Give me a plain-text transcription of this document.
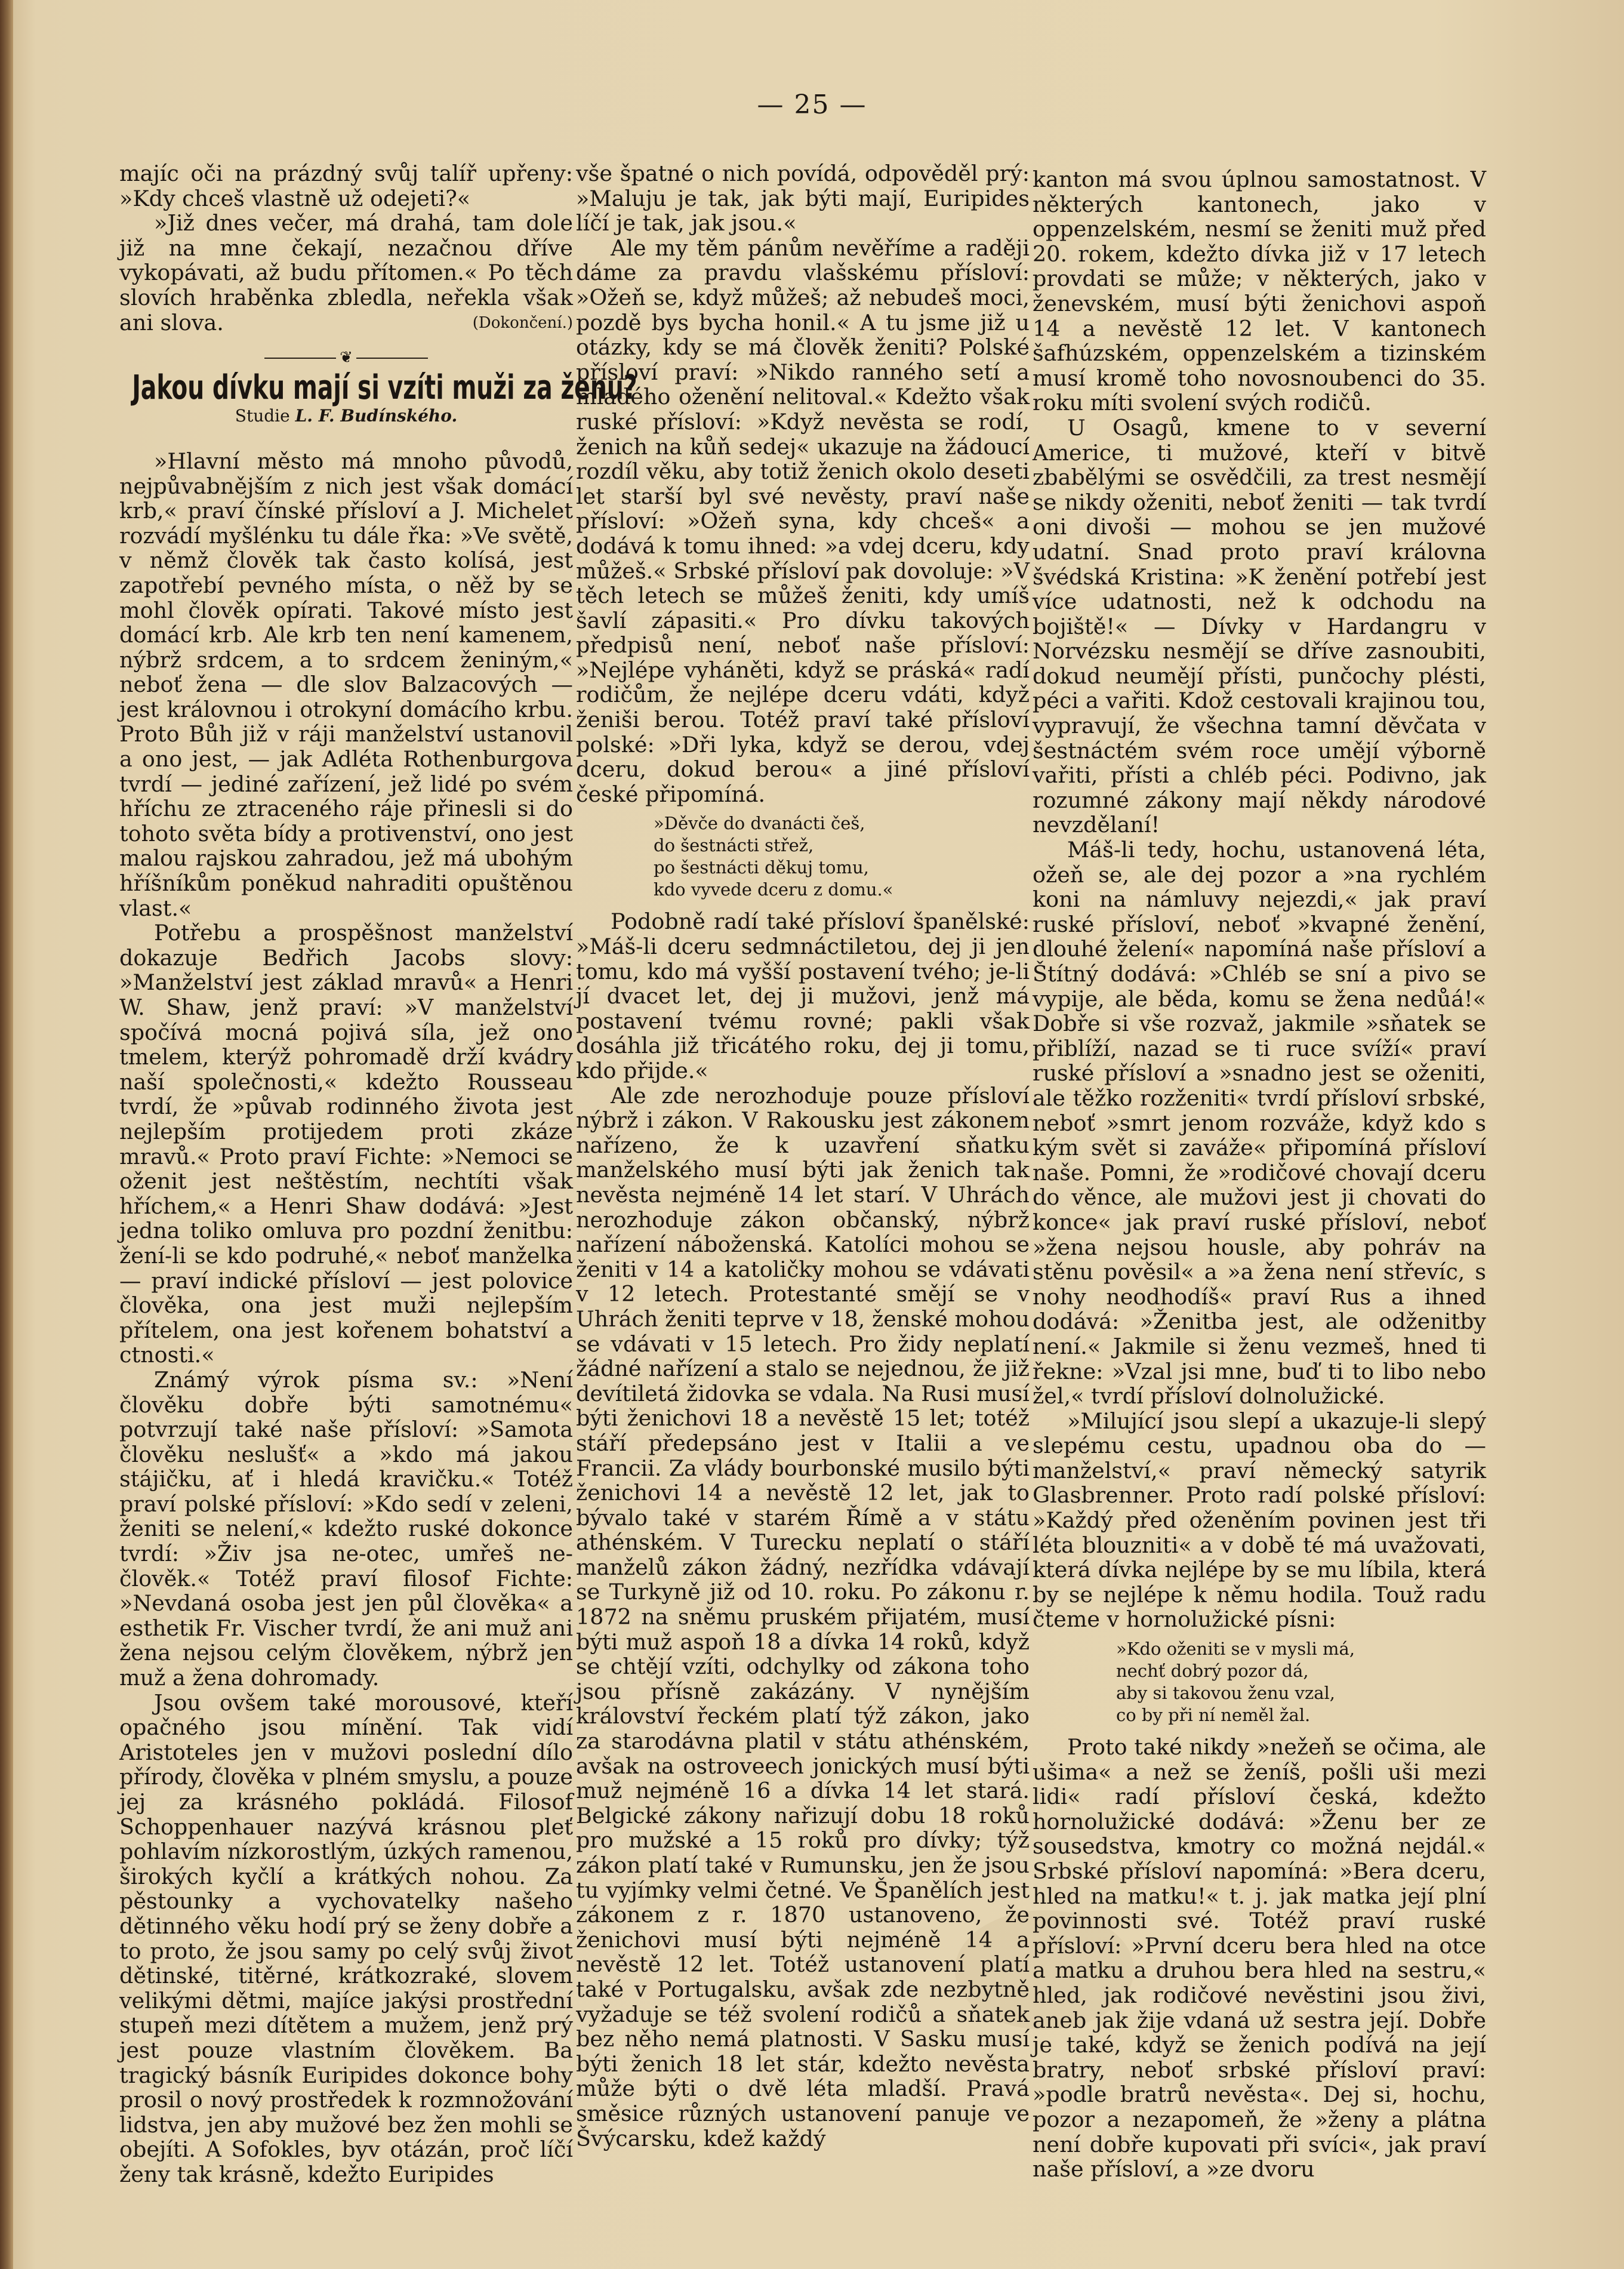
— 25 —

majíc oči na prázdný svůj talíř upřeny: »Kdy chceš vlastně už odejeti?«

»Již dnes večer, má drahá, tam dole již na mne čekají, nezačnou dříve vykopávati, až budu přítomen.« Po těch slovích hraběnka zbledla, neřekla však ani slova.	(Dokončení.)
❦
Jakou dívku mají si vzíti muži za ženu?
Studie L. F. Budínského.

»Hlavní město má mnoho původů, nejpůvabnějším z nich jest však domácí krb,« praví čínské přísloví a J. Michelet rozvádí myšlénku tu dále řka: »Ve světě, v němž člověk tak často kolísá, jest zapotřebí pevného místa, o něž by se mohl člověk opírati. Takové místo jest domácí krb. Ale krb ten není kamenem, nýbrž srdcem, a to srdcem ženiným,« neboť žena — dle slov Balzacových — jest královnou i otrokyní domácího krbu. Proto Bůh již v ráji manželství ustanovil a ono jest, — jak Adléta Rothenburgova tvrdí — jediné zařízení, jež lidé po svém hříchu ze ztraceného ráje přinesli si do tohoto světa bídy a protivenství, ono jest malou rajskou zahradou, jež má ubohým hříšníkům poněkud nahraditi opuštěnou vlast.«

Potřebu a prospěšnost manželství dokazuje Bedřich Jacobs slovy: »Manželství jest základ mravů« a Henri W. Shaw, jenž praví: »V manželství spočívá mocná pojivá síla, jež ono tmelem, kterýž pohromadě drží kvádry naší společnosti,« kdežto Rousseau tvrdí, že »půvab rodinného života jest nejlepším protijedem proti zkáze mravů.« Proto praví Fichte: »Nemoci se oženit jest neštěstím, nechtíti však hříchem,« a Henri Shaw dodává: »Jest jedna toliko omluva pro pozdní ženitbu: žení-li se kdo podruhé,« neboť manželka — praví indické přísloví — jest polovice člověka, ona jest muži nejlepším přítelem, ona jest kořenem bohatství a ctnosti.«

Známý výrok písma sv.: »Není člověku dobře býti samotnému« potvrzují také naše přísloví: »Samota člověku neslušť« a »kdo má jakou stájičku, ať i hledá kravičku.« Totéž praví polské přísloví: »Kdo sedí v zeleni, ženiti se nelení,« kdežto ruské dokonce tvrdí: »Živ jsa ne-otec, umřeš ne-člověk.« Totéž praví filosof Fichte: »Nevdaná osoba jest jen půl člověka« a esthetik Fr. Vischer tvrdí, že ani muž ani žena nejsou celým člověkem, nýbrž jen muž a žena dohromady.

Jsou ovšem také morousové, kteří opačného jsou mínění. Tak vidí Aristoteles jen v mužovi poslední dílo přírody, člověka v plném smyslu, a pouze jej za krásného pokládá. Filosof Schoppenhauer nazývá krásnou pleť pohlavím nízkorostlým, úzkých ramenou, širokých kyčlí a krátkých nohou. Za pěstounky a vychovatelky našeho dětinného věku hodí prý se ženy dobře a to proto, že jsou samy po celý svůj život dětinské, titěrné, krátkozraké, slovem velikými dětmi, majíce jakýsi prostřední stupeň mezi dítětem a mužem, jenž prý jest pouze vlastním člověkem. Ba tragický básník Euripides dokonce bohy prosil o nový prostředek k rozmnožování lidstva, jen aby mužové bez žen mohli se obejíti. A Sofokles, byv otázán, proč líčí ženy tak krásně, kdežto Euripides

vše špatné o nich povídá, odpověděl prý: »Maluju je tak, jak býti mají, Euripides líčí je tak, jak jsou.«

Ale my těm pánům nevěříme a raději dáme za pravdu vlašskému přísloví: »Ožeň se, když můžeš; až nebudeš moci, pozdě bys bycha honil.« A tu jsme již u otázky, kdy se má člověk ženiti? Polské přísloví praví: »Nikdo ranného setí a mladého oženění nelitoval.« Kdežto však ruské přísloví: »Když nevěsta se rodí, ženich na kůň sedej« ukazuje na žádoucí rozdíl věku, aby totiž ženich okolo deseti let starší byl své nevěsty, praví naše přísloví: »Ožeň syna, kdy chceš« a dodává k tomu ihned: »a vdej dceru, kdy můžeš.« Srbské přísloví pak dovoluje: »V těch letech se můžeš ženiti, kdy umíš šavlí zápasiti.« Pro dívku takových předpisů není, neboť naše přísloví: »Nejlépe vyháněti, když se práská« radí rodičům, že nejlépe dceru vdáti, když ženiši berou. Totéž praví také přísloví polské: »Dři lyka, když se derou, vdej dceru, dokud berou« a jiné přísloví české připomíná.

»Děvče do dvanácti češ,
do šestnácti střež,
po šestnácti děkuj tomu,
kdo vyvede dceru z domu.«

Podobně radí také přísloví španělské: »Máš-li dceru sedmnáctiletou, dej ji jen tomu, kdo má vyšší postavení tvého; je-li jí dvacet let, dej ji mužovi, jenž má postavení tvému rovné; pakli však dosáhla již třicátého roku, dej ji tomu, kdo přijde.«

Ale zde nerozhoduje pouze přísloví nýbrž i zákon. V Rakousku jest zákonem nařízeno, že k uzavření sňatku manželského musí býti jak ženich tak nevěsta nejméně 14 let starí. V Uhrách nerozhoduje zákon občanský, nýbrž nařízení náboženská. Katolíci mohou se ženiti v 14 a katoličky mohou se vdávati v 12 letech. Protestanté smějí se v Uhrách ženiti teprve v 18, ženské mohou se vdávati v 15 letech. Pro židy neplatí žádné nařízení a stalo se nejednou, že již devítiletá židovka se vdala. Na Rusi musí býti ženichovi 18 a nevěstě 15 let; totéž stáří předepsáno jest v Italii a ve Francii. Za vlády bourbonské musilo býti ženichovi 14 a nevěstě 12 let, jak to bývalo také v starém Římě a v státu athénském. V Turecku neplatí o stáří manželů zákon žádný, nezřídka vdávají se Turkyně již od 10. roku. Po zákonu r. 1872 na sněmu pruském přijatém, musí býti muž aspoň 18 a dívka 14 roků, když se chtějí vzíti, odchylky od zákona toho jsou přísně zakázány. V nynějším království řeckém platí týž zákon, jako za starodávna platil v státu athénském, avšak na ostroveech jonických musí býti muž nejméně 16 a dívka 14 let stará. Belgické zákony nařizují dobu 18 roků pro mužské a 15 roků pro dívky; týž zákon platí také v Rumunsku, jen že jsou tu vyjímky velmi četné. Ve Španělích jest zákonem z r. 1870 ustanoveno, že ženichovi musí býti nejméně 14 a nevěstě 12 let. Totéž ustanovení platí také v Portugalsku, avšak zde nezbytně vyžaduje se též svolení rodičů a sňatek bez něho nemá platnosti. V Sasku musí býti ženich 18 let stár, kdežto nevěsta může býti o dvě léta mladší. Pravá směsice různých ustanovení panuje ve Švýcarsku, kdež každý

kanton má svou úplnou samostatnost. V některých kantonech, jako v oppenzelském, nesmí se ženiti muž před 20. rokem, kdežto dívka již v 17 letech provdati se může; v některých, jako v ženevském, musí býti ženichovi aspoň 14 a nevěstě 12 let. V kantonech šafhúzském, oppenzelském a tizinském musí kromě toho novosnoubenci do 35. roku míti svolení svých rodičů.

U Osagů, kmene to v severní Americe, ti mužové, kteří v bitvě zbabělými se osvědčili, za trest nesmějí se nikdy oženiti, neboť ženiti — tak tvrdí oni divoši — mohou se jen mužové udatní. Snad proto praví královna švédská Kristina: »K ženění potřebí jest více udatnosti, než k odchodu na bojiště!« — Dívky v Hardangru v Norvézsku nesmějí se dříve zasnoubiti, dokud neumějí přísti, punčochy plésti, péci a vařiti. Kdož cestovali krajinou tou, vypravují, že všechna tamní děvčata v šestnáctém svém roce umějí výborně vařiti, přísti a chléb péci. Podivno, jak rozumné zákony mají někdy národové nevzdělaní!

Máš-li tedy, hochu, ustanovená léta, ožeň se, ale dej pozor a »na rychlém koni na námluvy nejezdi,« jak praví ruské přísloví, neboť »kvapné ženění, dlouhé želení« napomíná naše přísloví a Štítný dodává: »Chléb se sní a pivo se vypije, ale běda, komu se žena nedůá!« Dobře si vše rozvaž, jakmile »sňatek se přiblíží, nazad se ti ruce svíží« praví ruské přísloví a »snadno jest se oženiti, ale těžko rozženiti« tvrdí přísloví srbské, neboť »smrt jenom rozváže, když kdo s kým svět si zaváže« připomíná přísloví naše. Pomni, že »rodičové chovají dceru do věnce, ale mužovi jest ji chovati do konce« jak praví ruské přísloví, neboť »žena nejsou housle, aby pohráv na stěnu pověsil« a »a žena není střevíc, s nohy neodhodíš« praví Rus a ihned dodává: »Ženitba jest, ale odženitby není.« Jakmile si ženu vezmeš, hned ti řekne: »Vzal jsi mne, buď ti to libo nebo žel,« tvrdí přísloví dolnolužické.

»Milující jsou slepí a ukazuje-li slepý slepému cestu, upadnou oba do — manželství,« praví německý satyrik Glasbrenner. Proto radí polské přísloví: »Každý před oženěním povinen jest tři léta blouzniti« a v době té má uvažovati, která dívka nejlépe by se mu líbila, která by se nejlépe k němu hodila. Touž radu čteme v hornolužické písni:

»Kdo oženiti se v mysli má,
nechť dobrý pozor dá,
aby si takovou ženu vzal,
co by při ní neměl žal.

Proto také nikdy »nežeň se očima, ale ušima« a než se ženíš, pošli uši mezi lidi« radí přísloví česká, kdežto hornolužické dodává: »Ženu ber ze sousedstva, kmotry co možná nejdál.« Srbské přísloví napomíná: »Bera dceru, hled na matku!« t. j. jak matka její plní povinnosti své. Totéž praví ruské přísloví: »První dceru bera hled na otce a matku a druhou bera hled na sestru,« hled, jak rodičové nevěstini jsou živi, aneb jak žije vdaná už sestra její. Dobře je také, když se ženich podívá na její bratry, neboť srbské přísloví praví: »podle bratrů nevěsta«. Dej si, hochu, pozor a nezapomeň, že »ženy a plátna není dobře kupovati při svíci«, jak praví naše přísloví, a »ze dvoru
